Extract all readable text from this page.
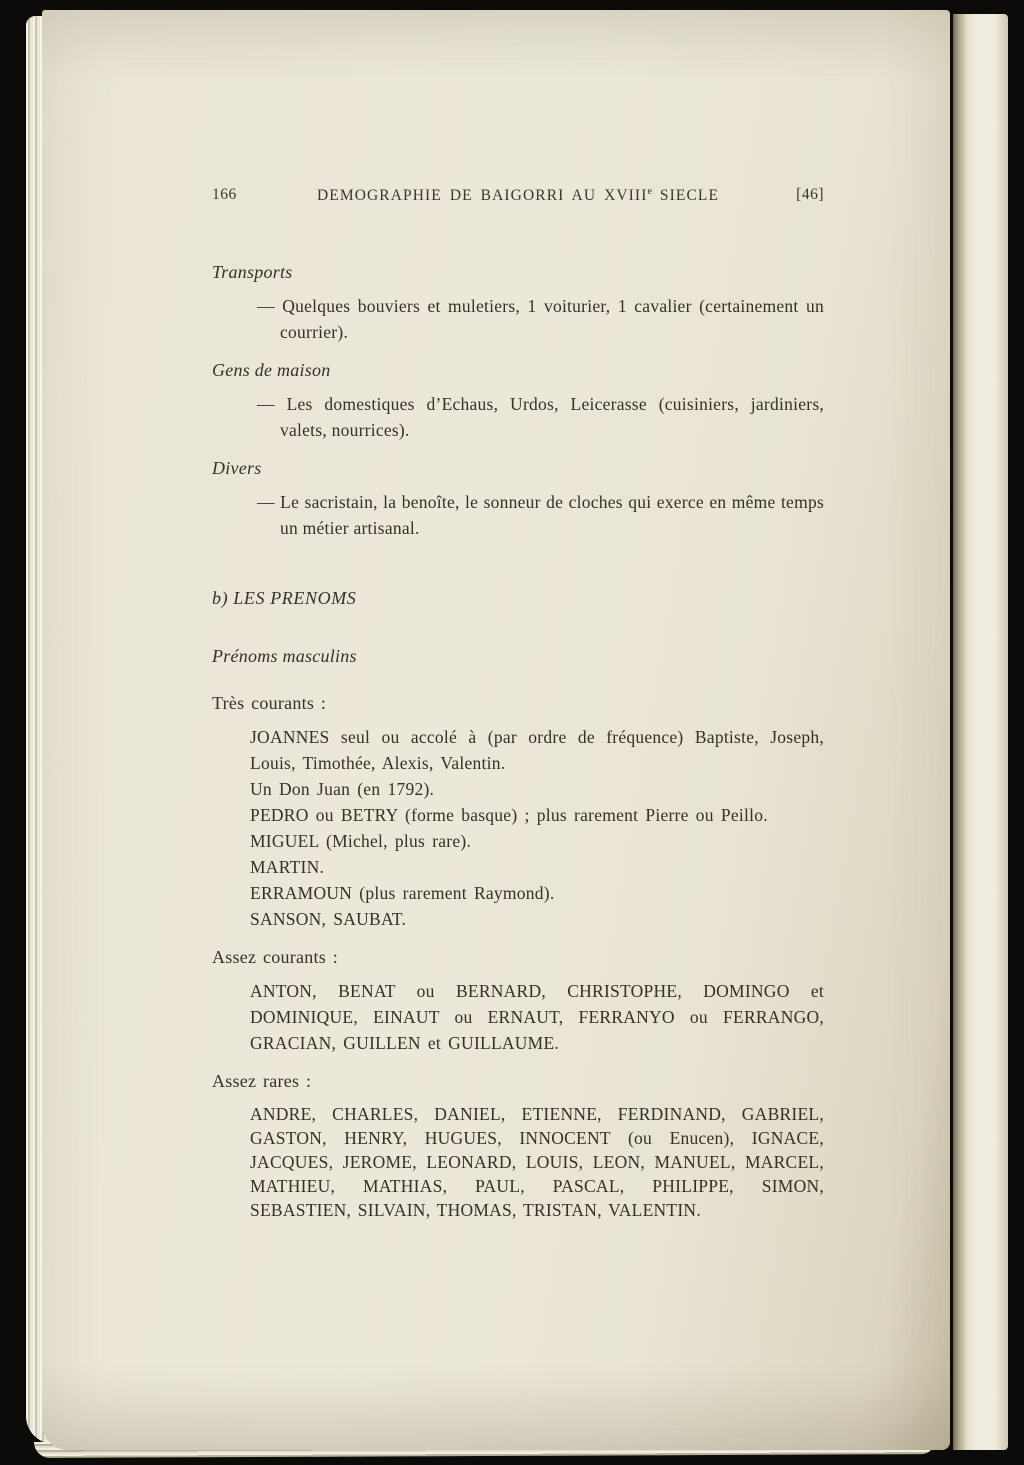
166	DEMOGRAPHIE DE BAIGORRI AU XVIIIe SIECLE	[46]

Transports

— Quelques bouviers et muletiers, 1 voiturier, 1 cavalier (certainement un courrier).

Gens de maison

— Les domestiques d’Echaus, Urdos, Leicerasse (cuisiniers, jardiniers, valets, nourrices).

Divers

— Le sacristain, la benoîte, le sonneur de cloches qui exerce en même temps un métier artisanal.

b) LES PRENOMS

Prénoms masculins

Très courants :

JOANNES seul ou accolé à (par ordre de fréquence) Baptiste, Joseph, Louis, Timothée, Alexis, Valentin.

Un Don Juan (en 1792).

PEDRO ou BETRY (forme basque) ; plus rarement Pierre ou Peillo.

MIGUEL (Michel, plus rare).

MARTIN.

ERRAMOUN (plus rarement Raymond).

SANSON, SAUBAT.

Assez courants :

ANTON, BENAT ou BERNARD, CHRISTOPHE, DOMINGO et DOMINIQUE, EINAUT ou ERNAUT, FERRANYO ou FERRANGO, GRACIAN, GUILLEN et GUILLAUME.

Assez rares :

ANDRE, CHARLES, DANIEL, ETIENNE, FERDINAND, GABRIEL, GASTON, HENRY, HUGUES, INNOCENT (ou Enucen), IGNACE, JACQUES, JEROME, LEONARD, LOUIS, LEON, MANUEL, MARCEL, MATHIEU, MATHIAS, PAUL, PASCAL, PHILIPPE, SIMON, SEBASTIEN, SILVAIN, THOMAS, TRISTAN, VALENTIN.
